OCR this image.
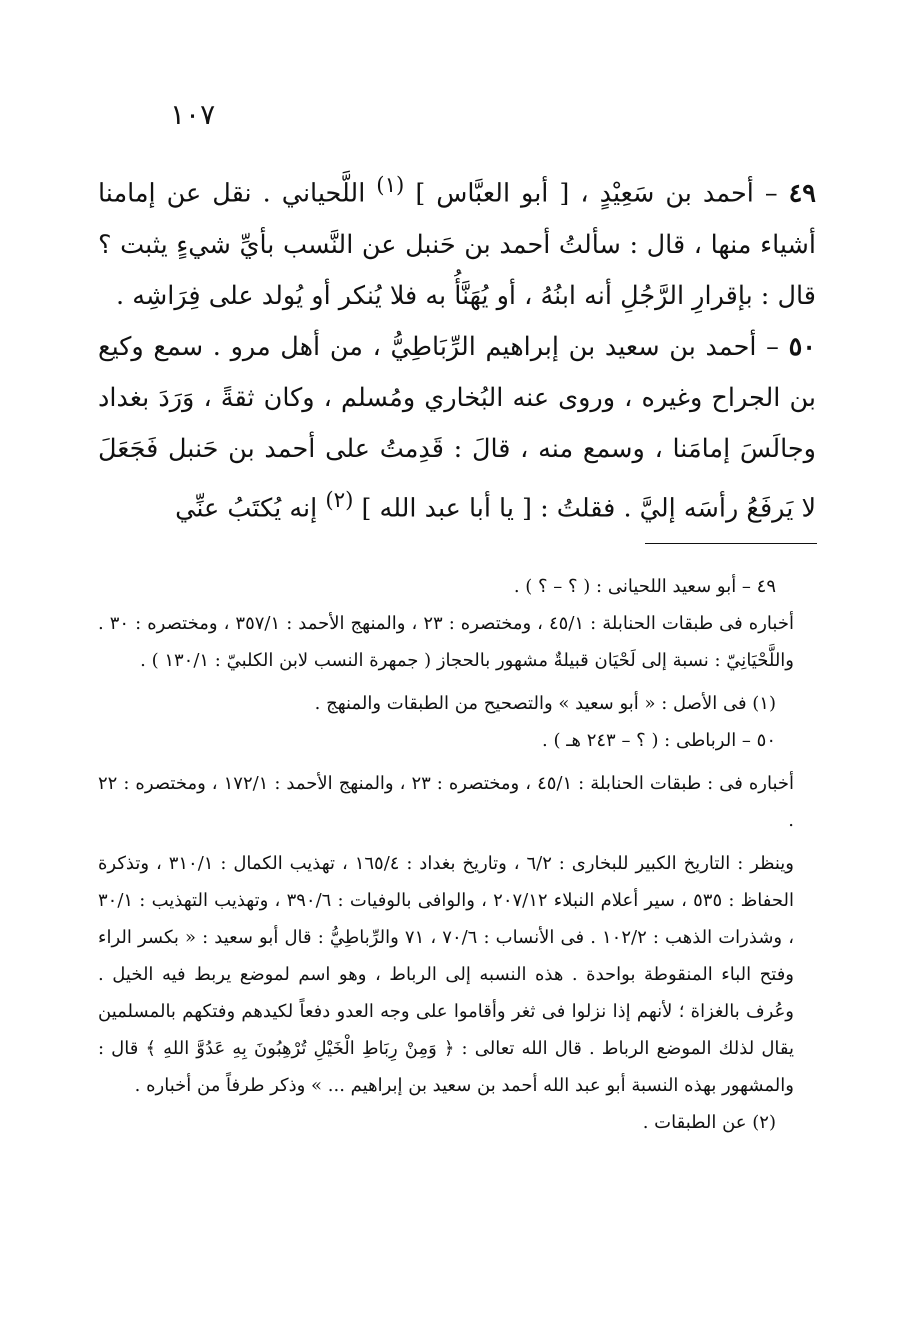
١٠٧

٤٩ – أحمد بن سَعِيْدٍ ، [ أبو العبَّاس ] $^{(١)}$ اللَّحياني . نقل عن إمامنا أشياء منها ، قال : سألتُ أحمد بن حَنبل عن النَّسب بأيِّ شيءٍ يثبت ؟ قال : بإقرارِ الرَّجُلِ أنه ابنُهُ ، أو يُهَنَّأُ به فلا يُنكر أو يُولد على فِرَاشِه .

٥٠ – أحمد بن سعيد بن إبراهيم الرِّبَاطِيُّ ، من أهل مرو . سمع وكيع بن الجراح وغيره ، وروى عنه البُخاري ومُسلم ، وكان ثقةً ، وَرَدَ بغداد وجالَسَ إمامَنا ، وسمع منه ، قالَ : قَدِمتُ على أحمد بن حَنبل فَجَعَلَ لا يَرفَعُ رأسَه إليَّ . فقلتُ : [ يا أبا عبد الله ] $^{(٢)}$ إنه يُكتَبُ عنِّي

٤٩ – أبو سعيد اللحيانى : ( ؟ – ؟ ) .

أخباره فى طبقات الحنابلة : ٤٥/١ ، ومختصره : ٢٣ ، والمنهج الأحمد : ٣٥٧/١ ، ومختصره : ٣٠ . واللَّحْيَانِيّ : نسبة إلى لَحْيَان قبيلةٌ مشهور بالحجاز ( جمهرة النسب لابن الكلبيّ : ١٣٠/١ ) .

(١) فى الأصل : « أبو سعيد » والتصحيح من الطبقات والمنهج .

٥٠ – الرباطى : ( ؟ – ٢٤٣ هـ ) .

أخباره فى : طبقات الحنابلة : ٤٥/١ ، ومختصره : ٢٣ ، والمنهج الأحمد : ١٧٢/١ ، ومختصره : ٢٢ .

وينظر : التاريخ الكبير للبخارى : ٦/٢ ، وتاريخ بغداد : ١٦٥/٤ ، تهذيب الكمال : ٣١٠/١ ، وتذكرة الحفاظ : ٥٣٥ ، سير أعلام النبلاء ٢٠٧/١٢ ، والوافى بالوفيات : ٣٩٠/٦ ، وتهذيب التهذيب : ٣٠/١ ، وشذرات الذهب : ١٠٢/٢ . فى الأنساب : ٧٠/٦ ، ٧١ والرِّباطِيُّ : قال أبو سعيد : « بكسر الراء وفتح الباء المنقوطة بواحدة . هذه النسبه إلى الرباط ، وهو اسم لموضع يربط فيه الخيل . وعُرف بالغزاة ؛ لأنهم إذا نزلوا فى ثغر وأقاموا على وجه العدو دفعاً لكيدهم وفتكهم بالمسلمين يقال لذلك الموضع الرباط . قال الله تعالى : ﴿ وَمِنْ رِبَاطِ الْخَيْلِ تُرْهِبُونَ بِهِ عَدُوَّ اللهِ ﴾ قال : والمشهور بهذه النسبة أبو عبد الله أحمد بن سعيد بن إبراهيم ... » وذكر طرفاً من أخباره .

(٢) عن الطبقات .
